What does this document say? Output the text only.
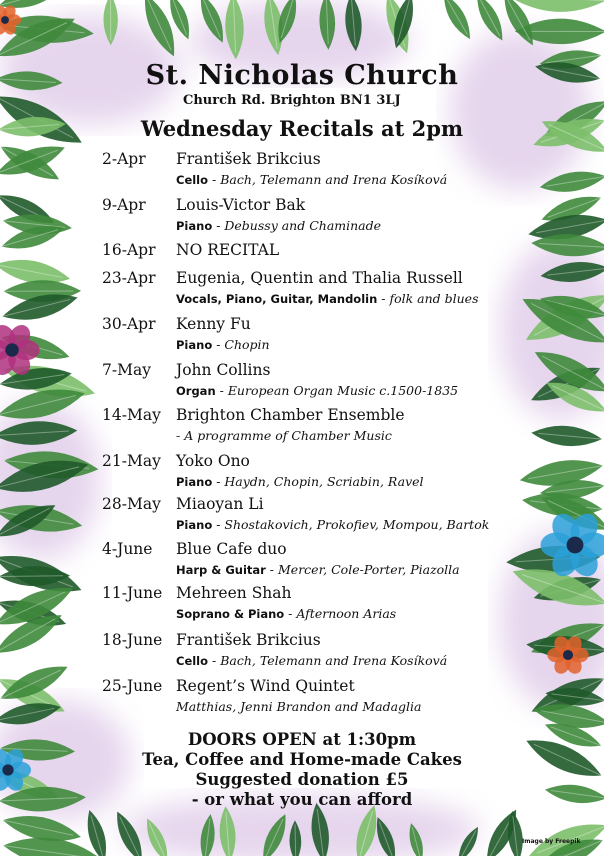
St. Nicholas Church
Church Rd. Brighton BN1 3LJ
Wednesday Recitals at 2pm
2-Apr František Brikcius
Cello - Bach, Telemann and Irena Kosíková
9-Apr Louis-Victor Bak
Piano - Debussy and Chaminade
16-Apr NO RECITAL
23-Apr Eugenia, Quentin and Thalia Russell
Vocals, Piano, Guitar, Mandolin - folk and blues
30-Apr Kenny Fu
Piano - Chopin
7-May John Collins
Organ - European Organ Music c.1500-1835
14-May Brighton Chamber Ensemble
- A programme of Chamber Music
21-May Yoko Ono
Piano - Haydn, Chopin, Scriabin, Ravel
28-May Miaoyan Li
Piano - Shostakovich, Prokofiev, Mompou, Bartok
4-June Blue Cafe duo
Harp & Guitar - Mercer, Cole-Porter, Piazolla
11-June Mehreen Shah
Soprano & Piano - Afternoon Arias
18-June František Brikcius
Cello - Bach, Telemann and Irena Kosíková
25-June Regent’s Wind Quintet
Matthias, Jenni Brandon and Madaglia
DOORS OPEN at 1:30pm
Tea, Coffee and Home-made Cakes
Suggested donation £5
- or what you can afford
Image by Freepik
